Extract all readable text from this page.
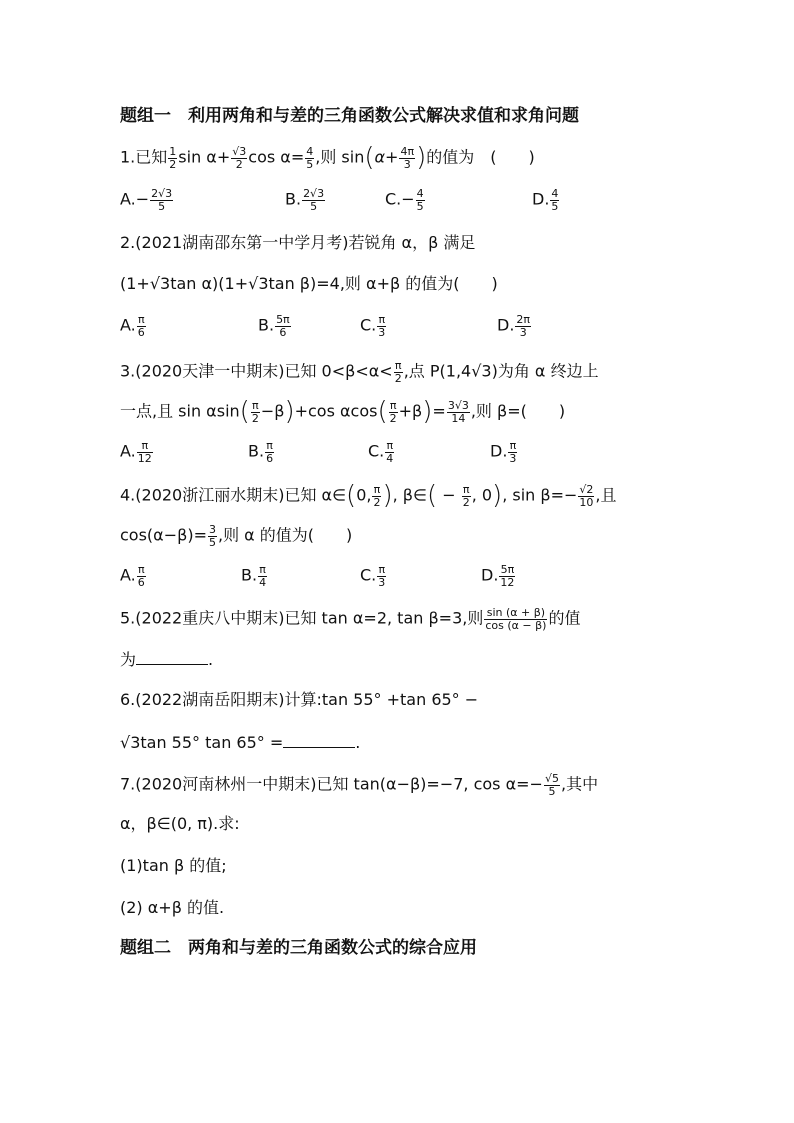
题组一　利用两角和与差的三角函数公式解决求值和求角问题
1.已知 $\frac{1}{2}$ $\sin \alpha+ \frac{√3}{2}$ $\cos \alpha= \frac{4}{5}$ ,则 $\sin(\alpha+ \frac{4\pi}{3}$ )的值为　(　　)
$A.- \frac{2√3}{5}$	B. $\frac{2√3}{5}$	$C.- \frac{4}{5}$	D. $\frac{4}{5}$
2.(2021湖南邵东第一中学月考)若锐角 α，β 满足
(1+√3tan α)(1+√3tan β)=4,则 α+β 的值为(　　)
A. $\frac{\pi}{6}$	B. $\frac{5\pi}{6}$	C. $\frac{\pi}{3}$	D. $\frac{2\pi}{3}$
3.(2020天津一中期末)已知 $0<\beta<\alpha< \frac{\pi}{2}$ ,点 P(1,4√3)为角 α 终边上
一点,且 $\sin \alpha\sin( \frac{\pi}{2} -\beta)+\cos$ $\alpha\cos( \frac{\pi}{2} +\beta)= \frac{3√3}{14}$ ,则 β=(　　)
A. $\frac{\pi}{12}$	B. $\frac{\pi}{6}$	C. $\frac{\pi}{4}$	D. $\frac{\pi}{3}$
4.(2020浙江丽水期末)已知 α∈(0, $\frac{\pi}{2}$ ), β∈( − $\frac{\pi}{2}$ , 0), $\sin \beta=- \frac{√2}{10}$ ,且
$\cos(\alpha-\beta)= \frac{3}{5}$ ,则 α 的值为(　　)
A. $\frac{\pi}{6}$	B. $\frac{\pi}{4}$	C. $\frac{\pi}{3}$	D. $\frac{5\pi}{12}$
5.(2022重庆八中期末)已知 tan α=2, tan β=3,则 $\frac{\sin (\alpha + \beta)}{\cos (\alpha - \beta)}$ 的值
为	.
6.(2022湖南岳阳期末)计算:tan 55° +tan 65° −
√3tan 55° tan 65° =	.
7.(2020河南林州一中期末)已知 tan(α−β)=−7, $\cos \alpha=- \frac{√5}{5}$ ,其中
α，β∈(0, π).求:
(1)tan β 的值;
(2) α+β 的值.
题组二　两角和与差的三角函数公式的综合应用
